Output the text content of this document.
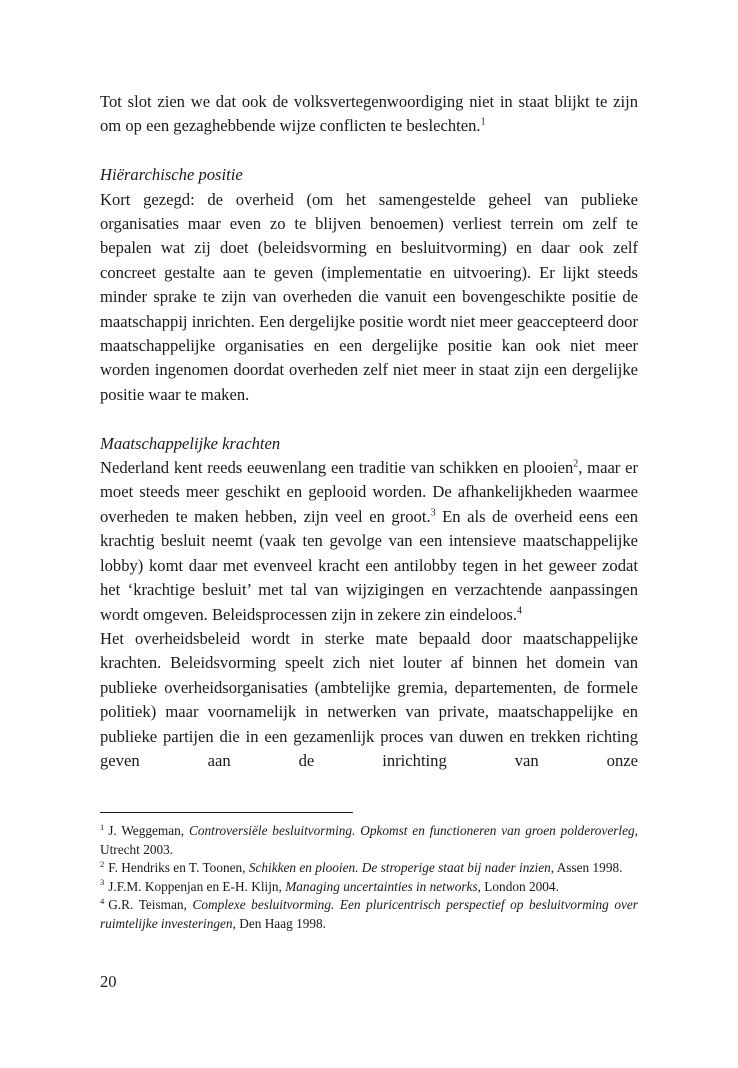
Tot slot zien we dat ook de volksvertegenwoordiging niet in staat blijkt te zijn om op een gezaghebbende wijze conflicten te beslechten.$^1$

Hiërarchische positie

Kort gezegd: de overheid (om het samengestelde geheel van publieke organisaties maar even zo te blijven benoemen) verliest terrein om zelf te bepalen wat zij doet (beleidsvorming en besluitvorming) en daar ook zelf concreet gestalte aan te geven (implementatie en uitvoering). Er lijkt steeds minder sprake te zijn van overheden die vanuit een bovengeschikte positie de maatschappij inrichten. Een dergelijke positie wordt niet meer geaccepteerd door maatschappelijke organisaties en een dergelijke positie kan ook niet meer worden ingenomen doordat overheden zelf niet meer in staat zijn een dergelijke positie waar te maken.

Maatschappelijke krachten

Nederland kent reeds eeuwenlang een traditie van schikken en plooien$^2$, maar er moet steeds meer geschikt en geplooid worden. De afhankelijkheden waarmee overheden te maken hebben, zijn veel en groot.$^3$ En als de overheid eens een krachtig besluit neemt (vaak ten gevolge van een intensieve maatschappelijke lobby) komt daar met evenveel kracht een antilobby tegen in het geweer zodat het ‘krachtige besluit’ met tal van wijzigingen en verzachtende aanpassingen wordt omgeven. Beleidsprocessen zijn in zekere zin eindeloos.$^4$

Het overheidsbeleid wordt in sterke mate bepaald door maatschappelijke krachten. Beleidsvorming speelt zich niet louter af binnen het domein van publieke overheidsorganisaties (ambtelijke gremia, departementen, de formele politiek) maar voornamelijk in netwerken van private, maatschappelijke en publieke partijen die in een gezamenlijk proces van duwen en trekken richting geven aan de inrichting van onze

$^1$ J. Weggeman, Controversiële besluitvorming. Opkomst en functioneren van groen polderoverleg, Utrecht 2003.

$^2$ F. Hendriks en T. Toonen, Schikken en plooien. De stroperige staat bij nader inzien, Assen 1998.

$^3$ J.F.M. Koppenjan en E-H. Klijn, Managing uncertainties in networks, London 2004.

$^4$ G.R. Teisman, Complexe besluitvorming. Een pluricentrisch perspectief op besluitvorming over ruimtelijke investeringen, Den Haag 1998.

20
